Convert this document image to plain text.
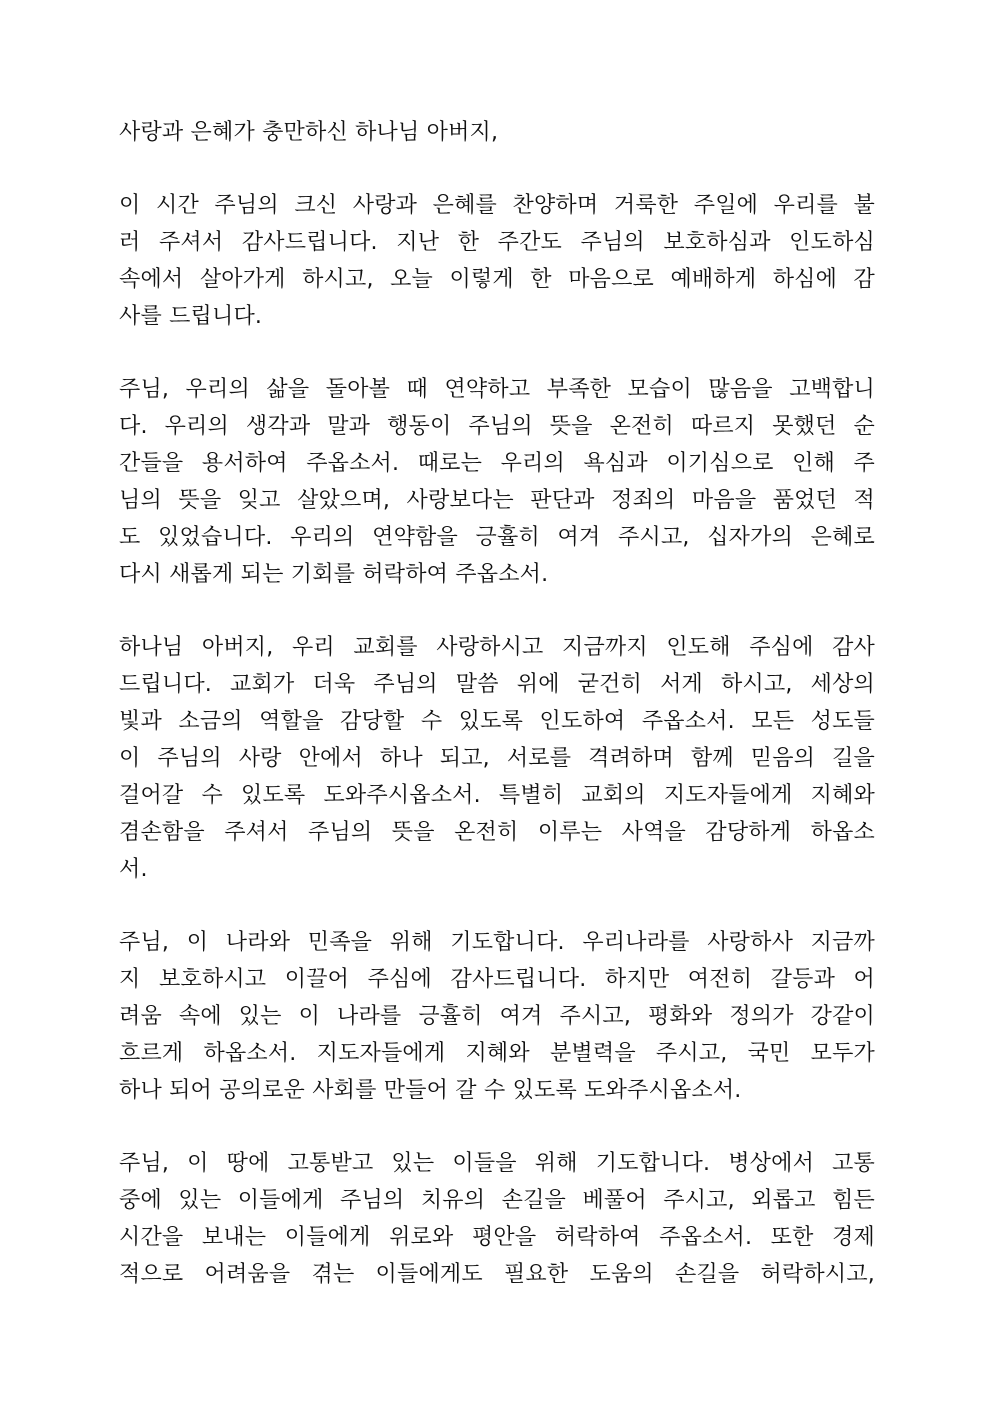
사랑과 은혜가 충만하신 하나님 아버지,
이 시간 주님의 크신 사랑과 은혜를 찬양하며 거룩한 주일에 우리를 불
러 주셔서 감사드립니다. 지난 한 주간도 주님의 보호하심과 인도하심
속에서 살아가게 하시고, 오늘 이렇게 한 마음으로 예배하게 하심에 감
사를 드립니다.
주님, 우리의 삶을 돌아볼 때 연약하고 부족한 모습이 많음을 고백합니
다. 우리의 생각과 말과 행동이 주님의 뜻을 온전히 따르지 못했던 순
간들을 용서하여 주옵소서. 때로는 우리의 욕심과 이기심으로 인해 주
님의 뜻을 잊고 살았으며, 사랑보다는 판단과 정죄의 마음을 품었던 적
도 있었습니다. 우리의 연약함을 긍휼히 여겨 주시고, 십자가의 은혜로
다시 새롭게 되는 기회를 허락하여 주옵소서.
하나님 아버지, 우리 교회를 사랑하시고 지금까지 인도해 주심에 감사
드립니다. 교회가 더욱 주님의 말씀 위에 굳건히 서게 하시고, 세상의
빛과 소금의 역할을 감당할 수 있도록 인도하여 주옵소서. 모든 성도들
이 주님의 사랑 안에서 하나 되고, 서로를 격려하며 함께 믿음의 길을
걸어갈 수 있도록 도와주시옵소서. 특별히 교회의 지도자들에게 지혜와
겸손함을 주셔서 주님의 뜻을 온전히 이루는 사역을 감당하게 하옵소
서.
주님, 이 나라와 민족을 위해 기도합니다. 우리나라를 사랑하사 지금까
지 보호하시고 이끌어 주심에 감사드립니다. 하지만 여전히 갈등과 어
려움 속에 있는 이 나라를 긍휼히 여겨 주시고, 평화와 정의가 강같이
흐르게 하옵소서. 지도자들에게 지혜와 분별력을 주시고, 국민 모두가
하나 되어 공의로운 사회를 만들어 갈 수 있도록 도와주시옵소서.
주님, 이 땅에 고통받고 있는 이들을 위해 기도합니다. 병상에서 고통
중에 있는 이들에게 주님의 치유의 손길을 베풀어 주시고, 외롭고 힘든
시간을 보내는 이들에게 위로와 평안을 허락하여 주옵소서. 또한 경제
적으로 어려움을 겪는 이들에게도 필요한 도움의 손길을 허락하시고,
